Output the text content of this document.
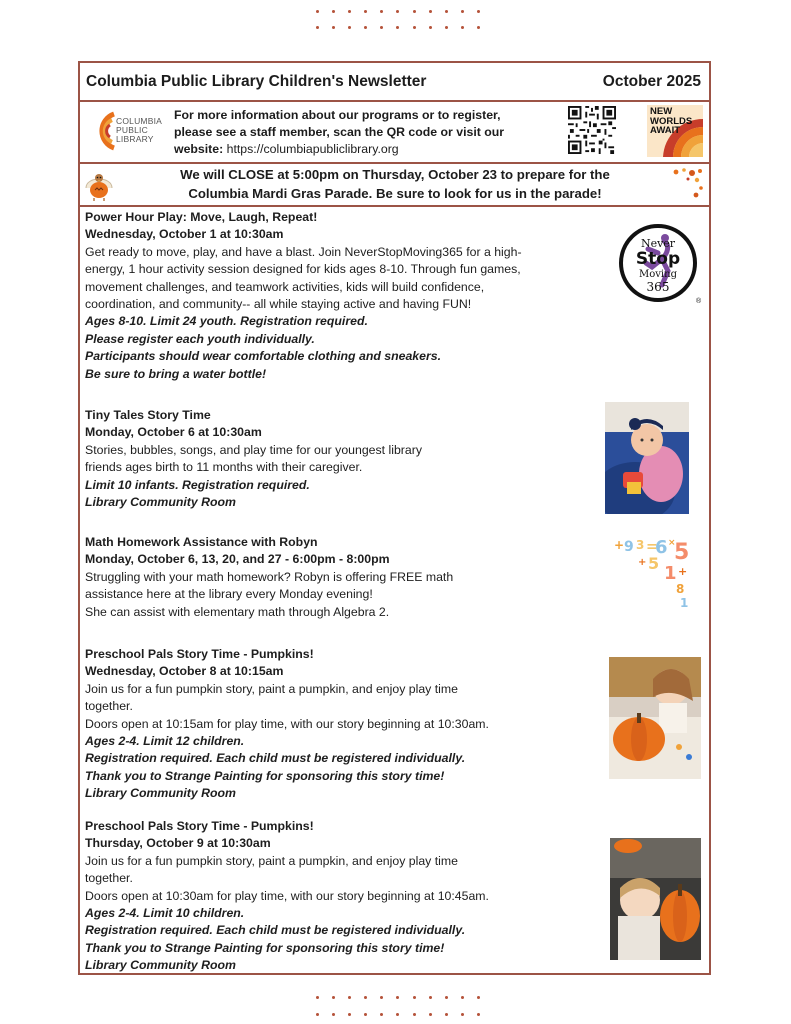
Columbia Public Library Children's Newsletter	October 2025
COLUMBIA
PUBLIC
LIBRARY
For more information about our programs or to register,
please see a staff member, scan the QR code or visit our
website: https://columbiapubliclibrary.org
NEW
WORLDS
AWAIT
We will CLOSE at 5:00pm on Thursday, October 23 to prepare for the
Columbia Mardi Gras Parade. Be sure to look for us in the parade!

Power Hour Play: Move, Laugh, Repeat!

Wednesday, October 1 at 10:30am

Get ready to move, play, and have a blast. Join NeverStopMoving365 for a high-

energy, 1 hour activity session designed for kids ages 8-10. Through fun games,

movement challenges, and teamwork activities, kids will build confidence,

coordination, and community-- all while staying active and having FUN!

Ages 8-10. Limit 24 youth. Registration required.

Please register each youth individually.

Participants should wear comfortable clothing and sneakers.

Be sure to bring a water bottle!

Tiny Tales Story Time

Monday, October 6 at 10:30am

Stories, bubbles, songs, and play time for our youngest library

friends ages birth to 11 months with their caregiver.

Limit 10 infants. Registration required.

Library Community Room

Math Homework Assistance with Robyn

Monday, October 6, 13, 20, and 27 - 6:00pm - 8:00pm

Struggling with your math homework? Robyn is offering FREE math

assistance here at the library every Monday evening!

She can assist with elementary math through Algebra 2.

Preschool Pals Story Time - Pumpkins!

Wednesday, October 8 at 10:15am

Join us for a fun pumpkin story, paint a pumpkin, and enjoy play time

together.

Doors open at 10:15am for play time, with our story beginning at 10:30am.

Ages 2-4. Limit 12 children.

Registration required. Each child must be registered individually.

Thank you to Strange Painting for sponsoring this story time!

Library Community Room

Preschool Pals Story Time - Pumpkins!

Thursday, October 9 at 10:30am

Join us for a fun pumpkin story, paint a pumpkin, and enjoy play time

together.

Doors open at 10:30am for play time, with our story beginning at 10:45am.

Ages 2-4. Limit 10 children.

Registration required. Each child must be registered individually.

Thank you to Strange Painting for sponsoring this story time!

Library Community Room

Never
Stop
Moving
365
®
+ 9 3 =
6 ×
5
+ 5 1 +
8
1
